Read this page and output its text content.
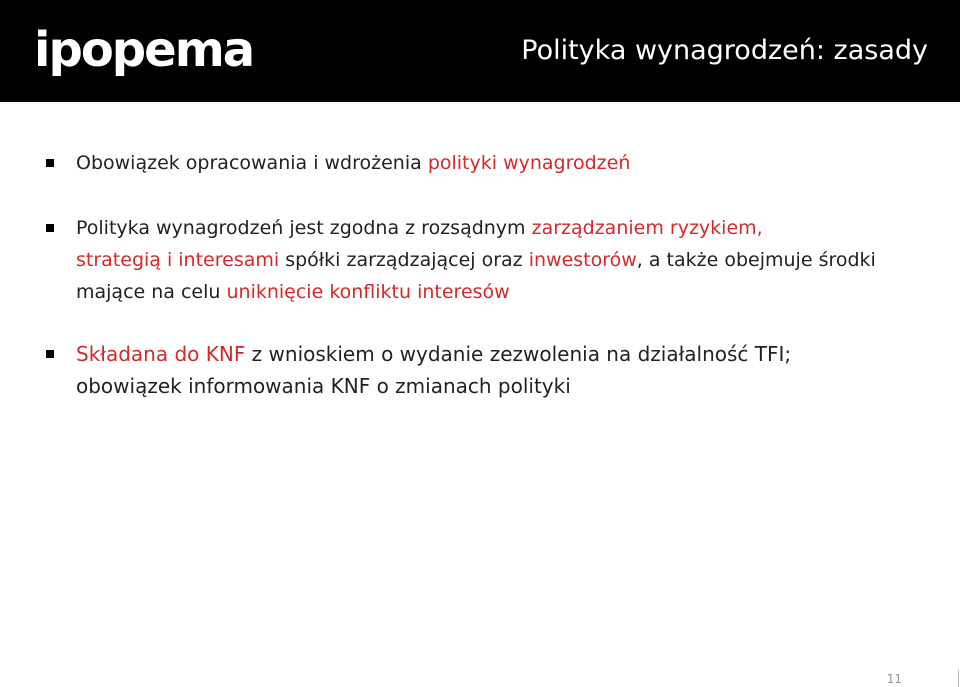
ipopema	Polityka wynagrodzeń: zasady

Obowiązek opracowania i wdrożenia polityki wynagrodzeń

Polityka wynagrodzeń jest zgodna z rozsądnym zarządzaniem ryzykiem,
strategią i interesami spółki zarządzającej oraz inwestorów, a także obejmuje środki mające na celu uniknięcie konfliktu interesów

Składana do KNF z wnioskiem o wydanie zezwolenia na działalność TFI; obowiązek informowania KNF o zmianach polityki

11
